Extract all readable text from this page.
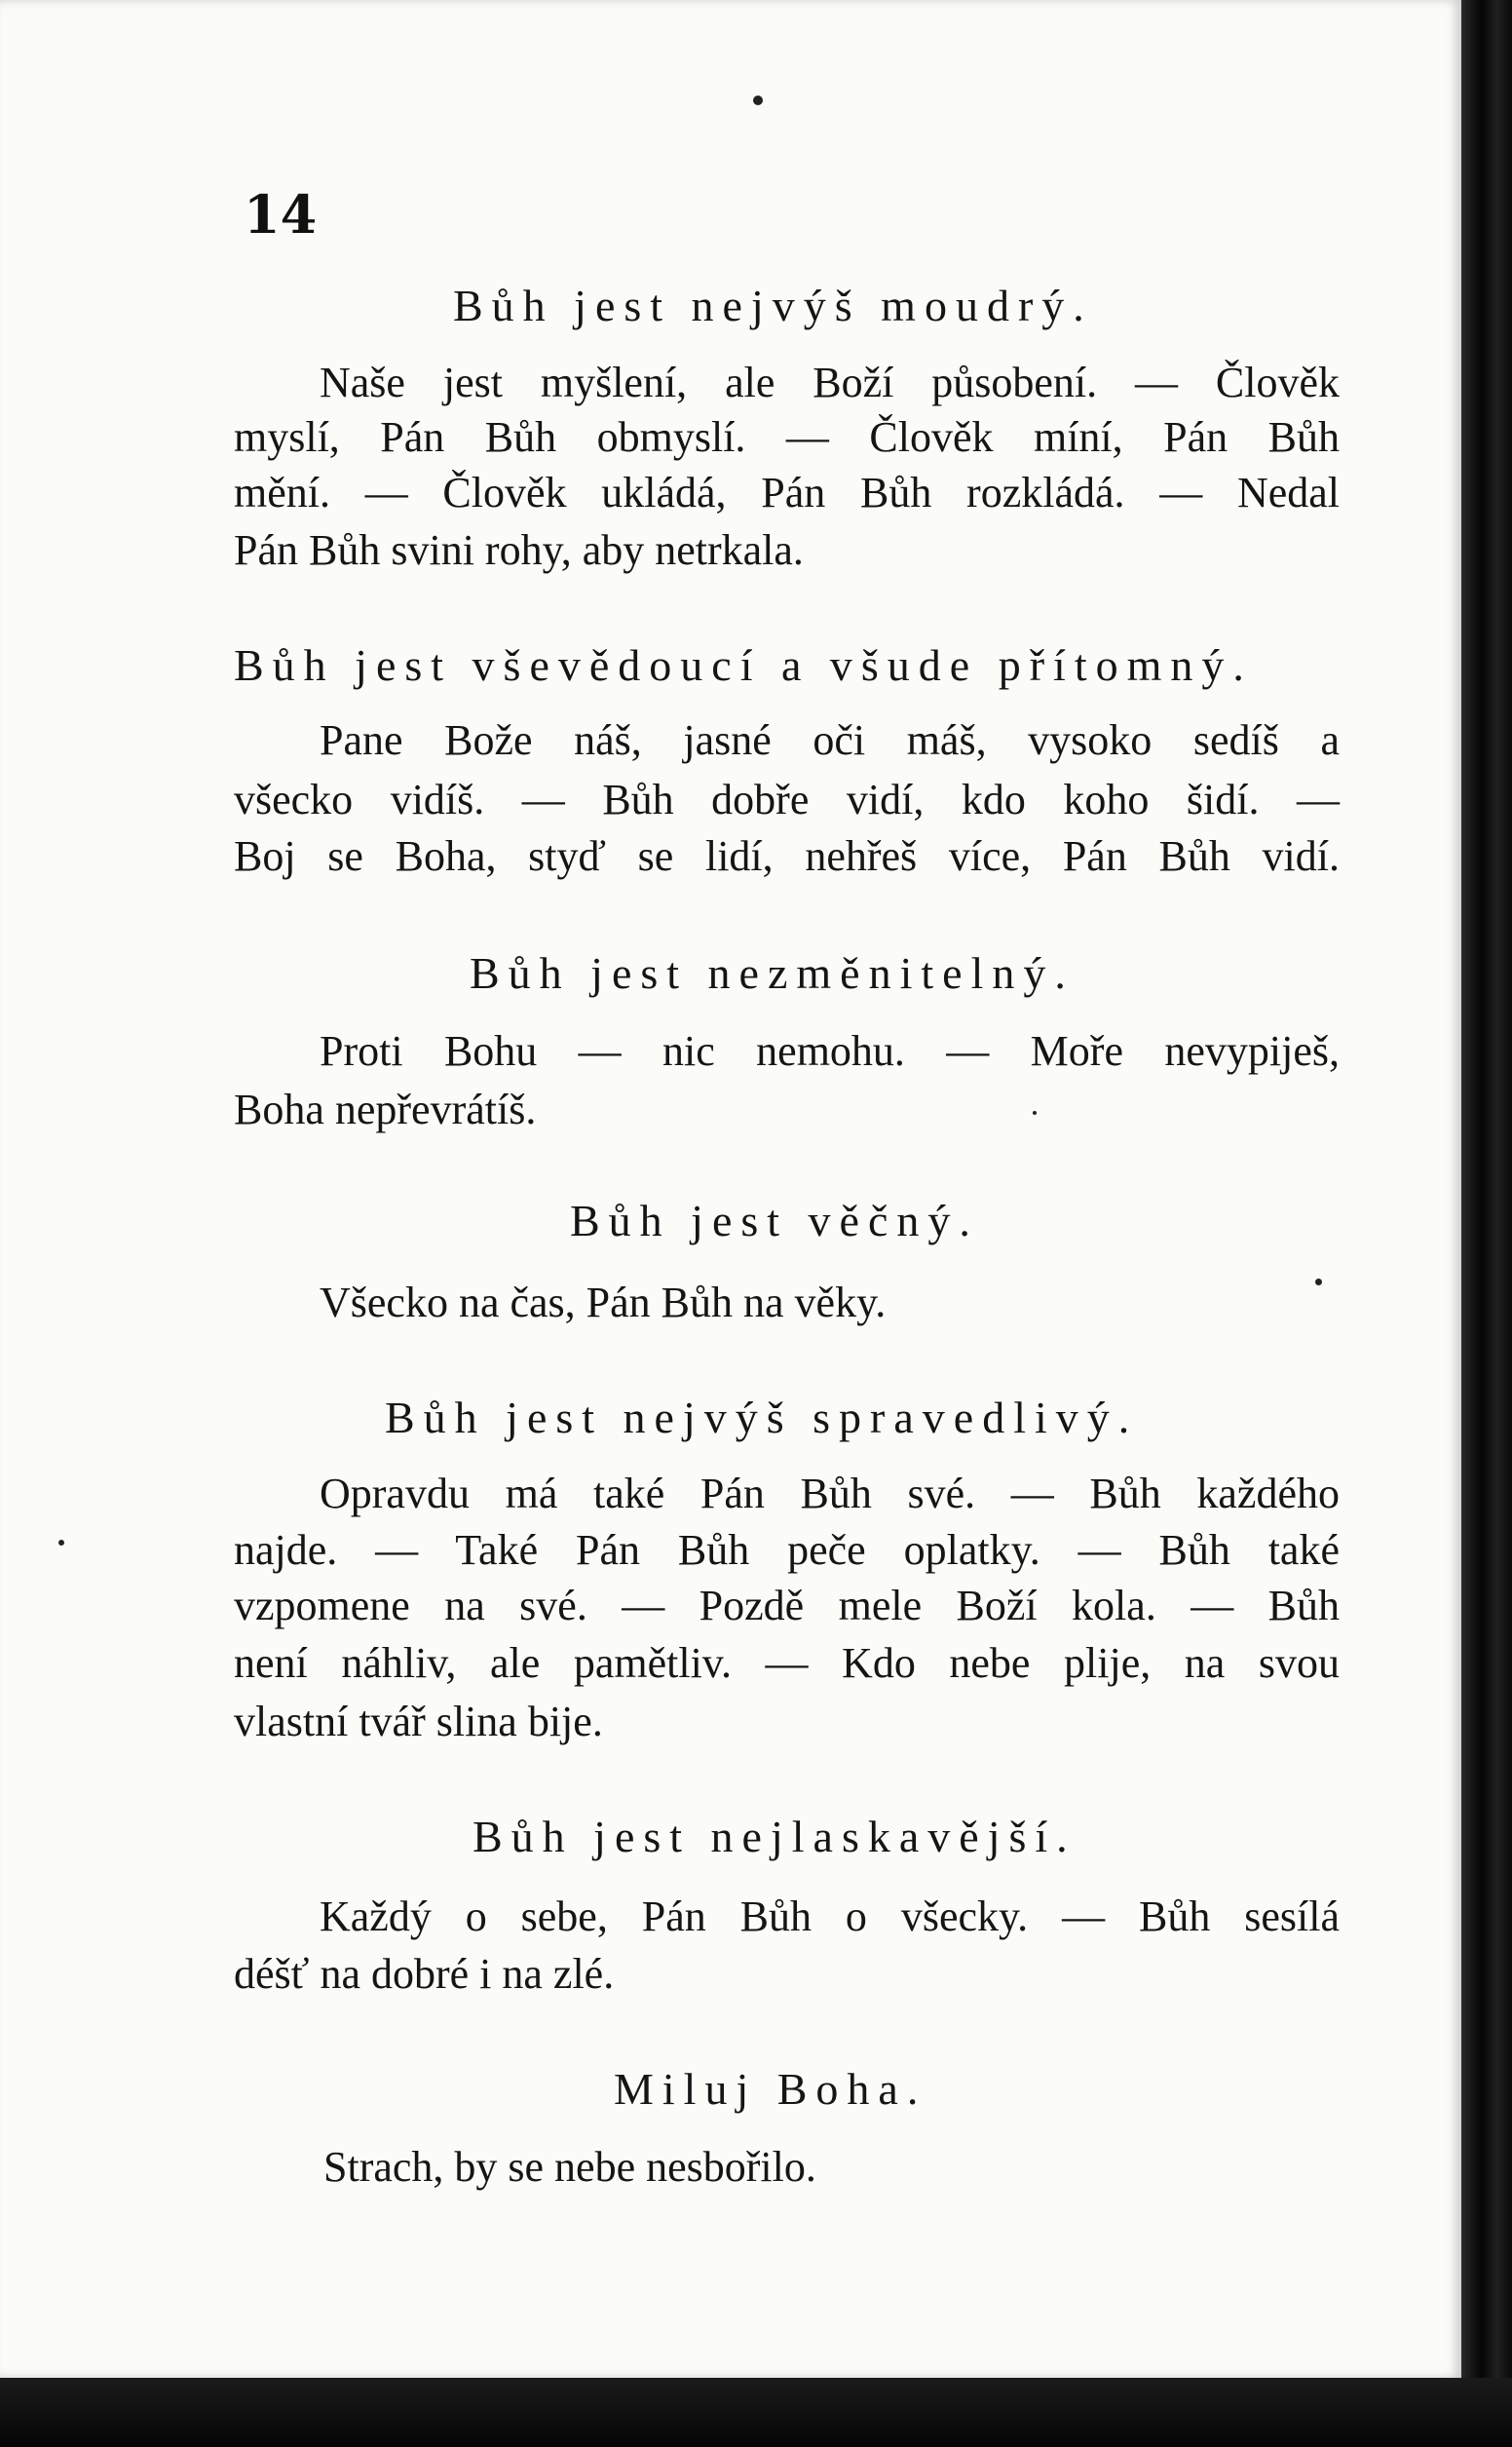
14
Bůh jest nejvýš moudrý.
Naše jest myšlení, ale Boží působení. — Člověk
myslí, Pán Bůh obmyslí. — Člověk míní, Pán Bůh
mění. — Člověk ukládá, Pán Bůh rozkládá. — Nedal
Pán Bůh svini rohy, aby netrkala.
Bůh jest vševědoucí a všude přítomný.
Pane Bože náš, jasné oči máš, vysoko sedíš a
všecko vidíš. — Bůh dobře vidí, kdo koho šidí. —
Boj se Boha, styď se lidí, nehřeš více, Pán Bůh vidí.
Bůh jest nezměnitelný.
Proti Bohu — nic nemohu. — Moře nevypiješ,
Boha nepřevrátíš.
Bůh jest věčný.
Všecko na čas, Pán Bůh na věky.
Bůh jest nejvýš spravedlivý.
Opravdu má také Pán Bůh své. — Bůh každého
najde. — Také Pán Bůh peče oplatky. — Bůh také
vzpomene na své. — Pozdě mele Boží kola. — Bůh
není náhliv, ale pamětliv. — Kdo nebe plije, na svou
vlastní tvář slina bije.
Bůh jest nejlaskavější.
Každý o sebe, Pán Bůh o všecky. — Bůh sesílá
déšť na dobré i na zlé.
Miluj Boha.
Strach, by se nebe nesbořilo.
